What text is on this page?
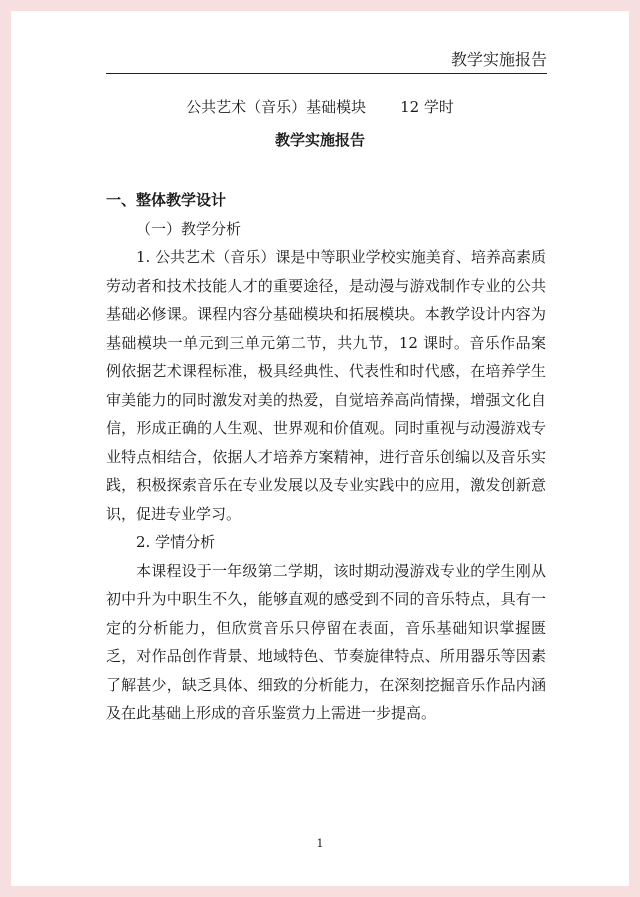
教学实施报告
公共艺术（音乐）基础模块 12 学时
教学实施报告

一、整体教学设计

（一）教学分析

1. 公共艺术（音乐）课是中等职业学校实施美育、培养高素质劳动者和技术技能人才的重要途径，是动漫与游戏制作专业的公共基础必修课。课程内容分基础模块和拓展模块。本教学设计内容为基础模块一单元到三单元第二节，共九节，12 课时。音乐作品案例依据艺术课程标准，极具经典性、代表性和时代感，在培养学生审美能力的同时激发对美的热爱，自觉培养高尚情操，增强文化自信，形成正确的人生观、世界观和价值观。同时重视与动漫游戏专业特点相结合，依据人才培养方案精神，进行音乐创编以及音乐实践，积极探索音乐在专业发展以及专业实践中的应用，激发创新意识，促进专业学习。

2. 学情分析

本课程设于一年级第二学期，该时期动漫游戏专业的学生刚从初中升为中职生不久，能够直观的感受到不同的音乐特点，具有一定的分析能力，但欣赏音乐只停留在表面，音乐基础知识掌握匮乏，对作品创作背景、地域特色、节奏旋律特点、所用器乐等因素了解甚少，缺乏具体、细致的分析能力，在深刻挖掘音乐作品内涵及在此基础上形成的音乐鉴赏力上需进一步提高。

1
